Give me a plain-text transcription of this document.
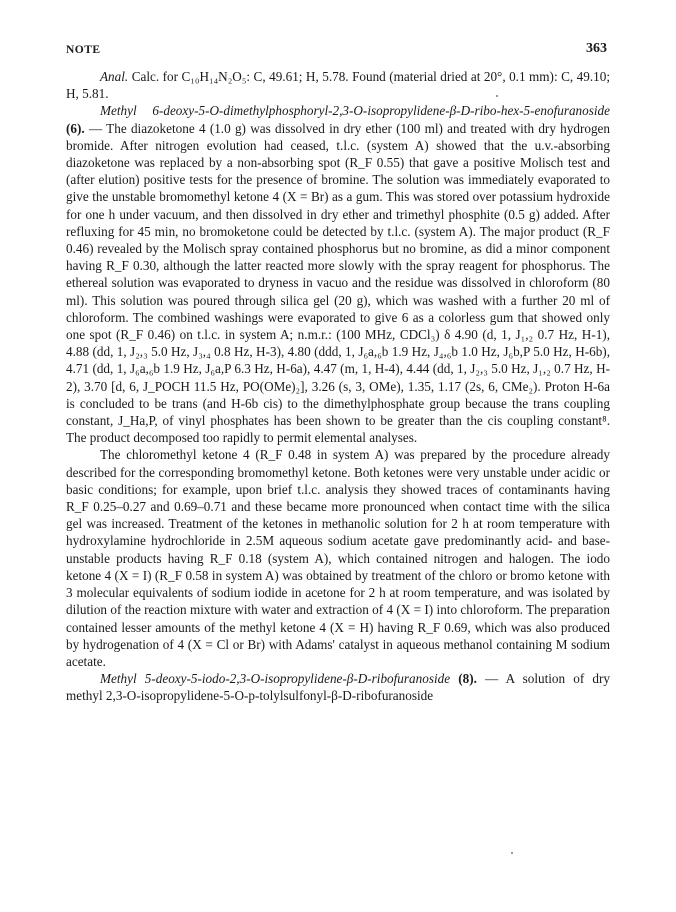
NOTE	363

Anal. Calc. for C₁₀H₁₄N₂O₅: C, 49.61; H, 5.78. Found (material dried at 20°, 0.1 mm): C, 49.10; H, 5.81.

Methyl 6-deoxy-5-O-dimethylphosphoryl-2,3-O-isopropylidene-β-D-ribo-hex-5-enofuranoside (6). — The diazoketone 4 (1.0 g) was dissolved in dry ether (100 ml) and treated with dry hydrogen bromide. After nitrogen evolution had ceased, t.l.c. (system A) showed that the u.v.-absorbing diazoketone was replaced by a non-absorbing spot (R_F 0.55) that gave a positive Molisch test and (after elution) positive tests for the presence of bromine. The solution was immediately evaporated to give the unstable bromomethyl ketone 4 (X = Br) as a gum. This was stored over potassium hydroxide for one h under vacuum, and then dissolved in dry ether and trimethyl phosphite (0.5 g) added. After refluxing for 45 min, no bromoketone could be detected by t.l.c. (system A). The major product (R_F 0.46) revealed by the Molisch spray contained phosphorus but no bromine, as did a minor component having R_F 0.30, although the latter reacted more slowly with the spray reagent for phosphorus. The ethereal solution was evaporated to dryness in vacuo and the residue was dissolved in chloroform (80 ml). This solution was poured through silica gel (20 g), which was washed with a further 20 ml of chloroform. The combined washings were evaporated to give 6 as a colorless gum that showed only one spot (R_F 0.46) on t.l.c. in system A; n.m.r.: (100 MHz, CDCl₃) δ 4.90 (d, 1, J₁,₂ 0.7 Hz, H-1), 4.88 (dd, 1, J₂,₃ 5.0 Hz, J₃,₄ 0.8 Hz, H-3), 4.80 (ddd, 1, J₆a,₆b 1.9 Hz, J₄,₆b 1.0 Hz, J₆b,P 5.0 Hz, H-6b), 4.71 (dd, 1, J₆a,₆b 1.9 Hz, J₆a,P 6.3 Hz, H-6a), 4.47 (m, 1, H-4), 4.44 (dd, 1, J₂,₃ 5.0 Hz, J₁,₂ 0.7 Hz, H-2), 3.70 [d, 6, J_POCH 11.5 Hz, PO(OMe)₂], 3.26 (s, 3, OMe), 1.35, 1.17 (2s, 6, CMe₂). Proton H-6a is concluded to be trans (and H-6b cis) to the dimethylphosphate group because the trans coupling constant, J_Ha,P, of vinyl phosphates has been shown to be greater than the cis coupling constant⁸. The product decomposed too rapidly to permit elemental analyses.

The chloromethyl ketone 4 (R_F 0.48 in system A) was prepared by the procedure already described for the corresponding bromomethyl ketone. Both ketones were very unstable under acidic or basic conditions; for example, upon brief t.l.c. analysis they showed traces of contaminants having R_F 0.25–0.27 and 0.69–0.71 and these became more pronounced when contact time with the silica gel was increased. Treatment of the ketones in methanolic solution for 2 h at room temperature with hydroxylamine hydrochloride in 2.5M aqueous sodium acetate gave predominantly acid- and base-unstable products having R_F 0.18 (system A), which contained nitrogen and halogen. The iodo ketone 4 (X = I) (R_F 0.58 in system A) was obtained by treatment of the chloro or bromo ketone with 3 molecular equivalents of sodium iodide in acetone for 2 h at room temperature, and was isolated by dilution of the reaction mixture with water and extraction of 4 (X = I) into chloroform. The preparation contained lesser amounts of the methyl ketone 4 (X = H) having R_F 0.69, which was also produced by hydrogenation of 4 (X = Cl or Br) with Adams' catalyst in aqueous methanol containing M sodium acetate.

Methyl 5-deoxy-5-iodo-2,3-O-isopropylidene-β-D-ribofuranoside (8). — A solution of dry methyl 2,3-O-isopropylidene-5-O-p-tolylsulfonyl-β-D-ribofuranoside
